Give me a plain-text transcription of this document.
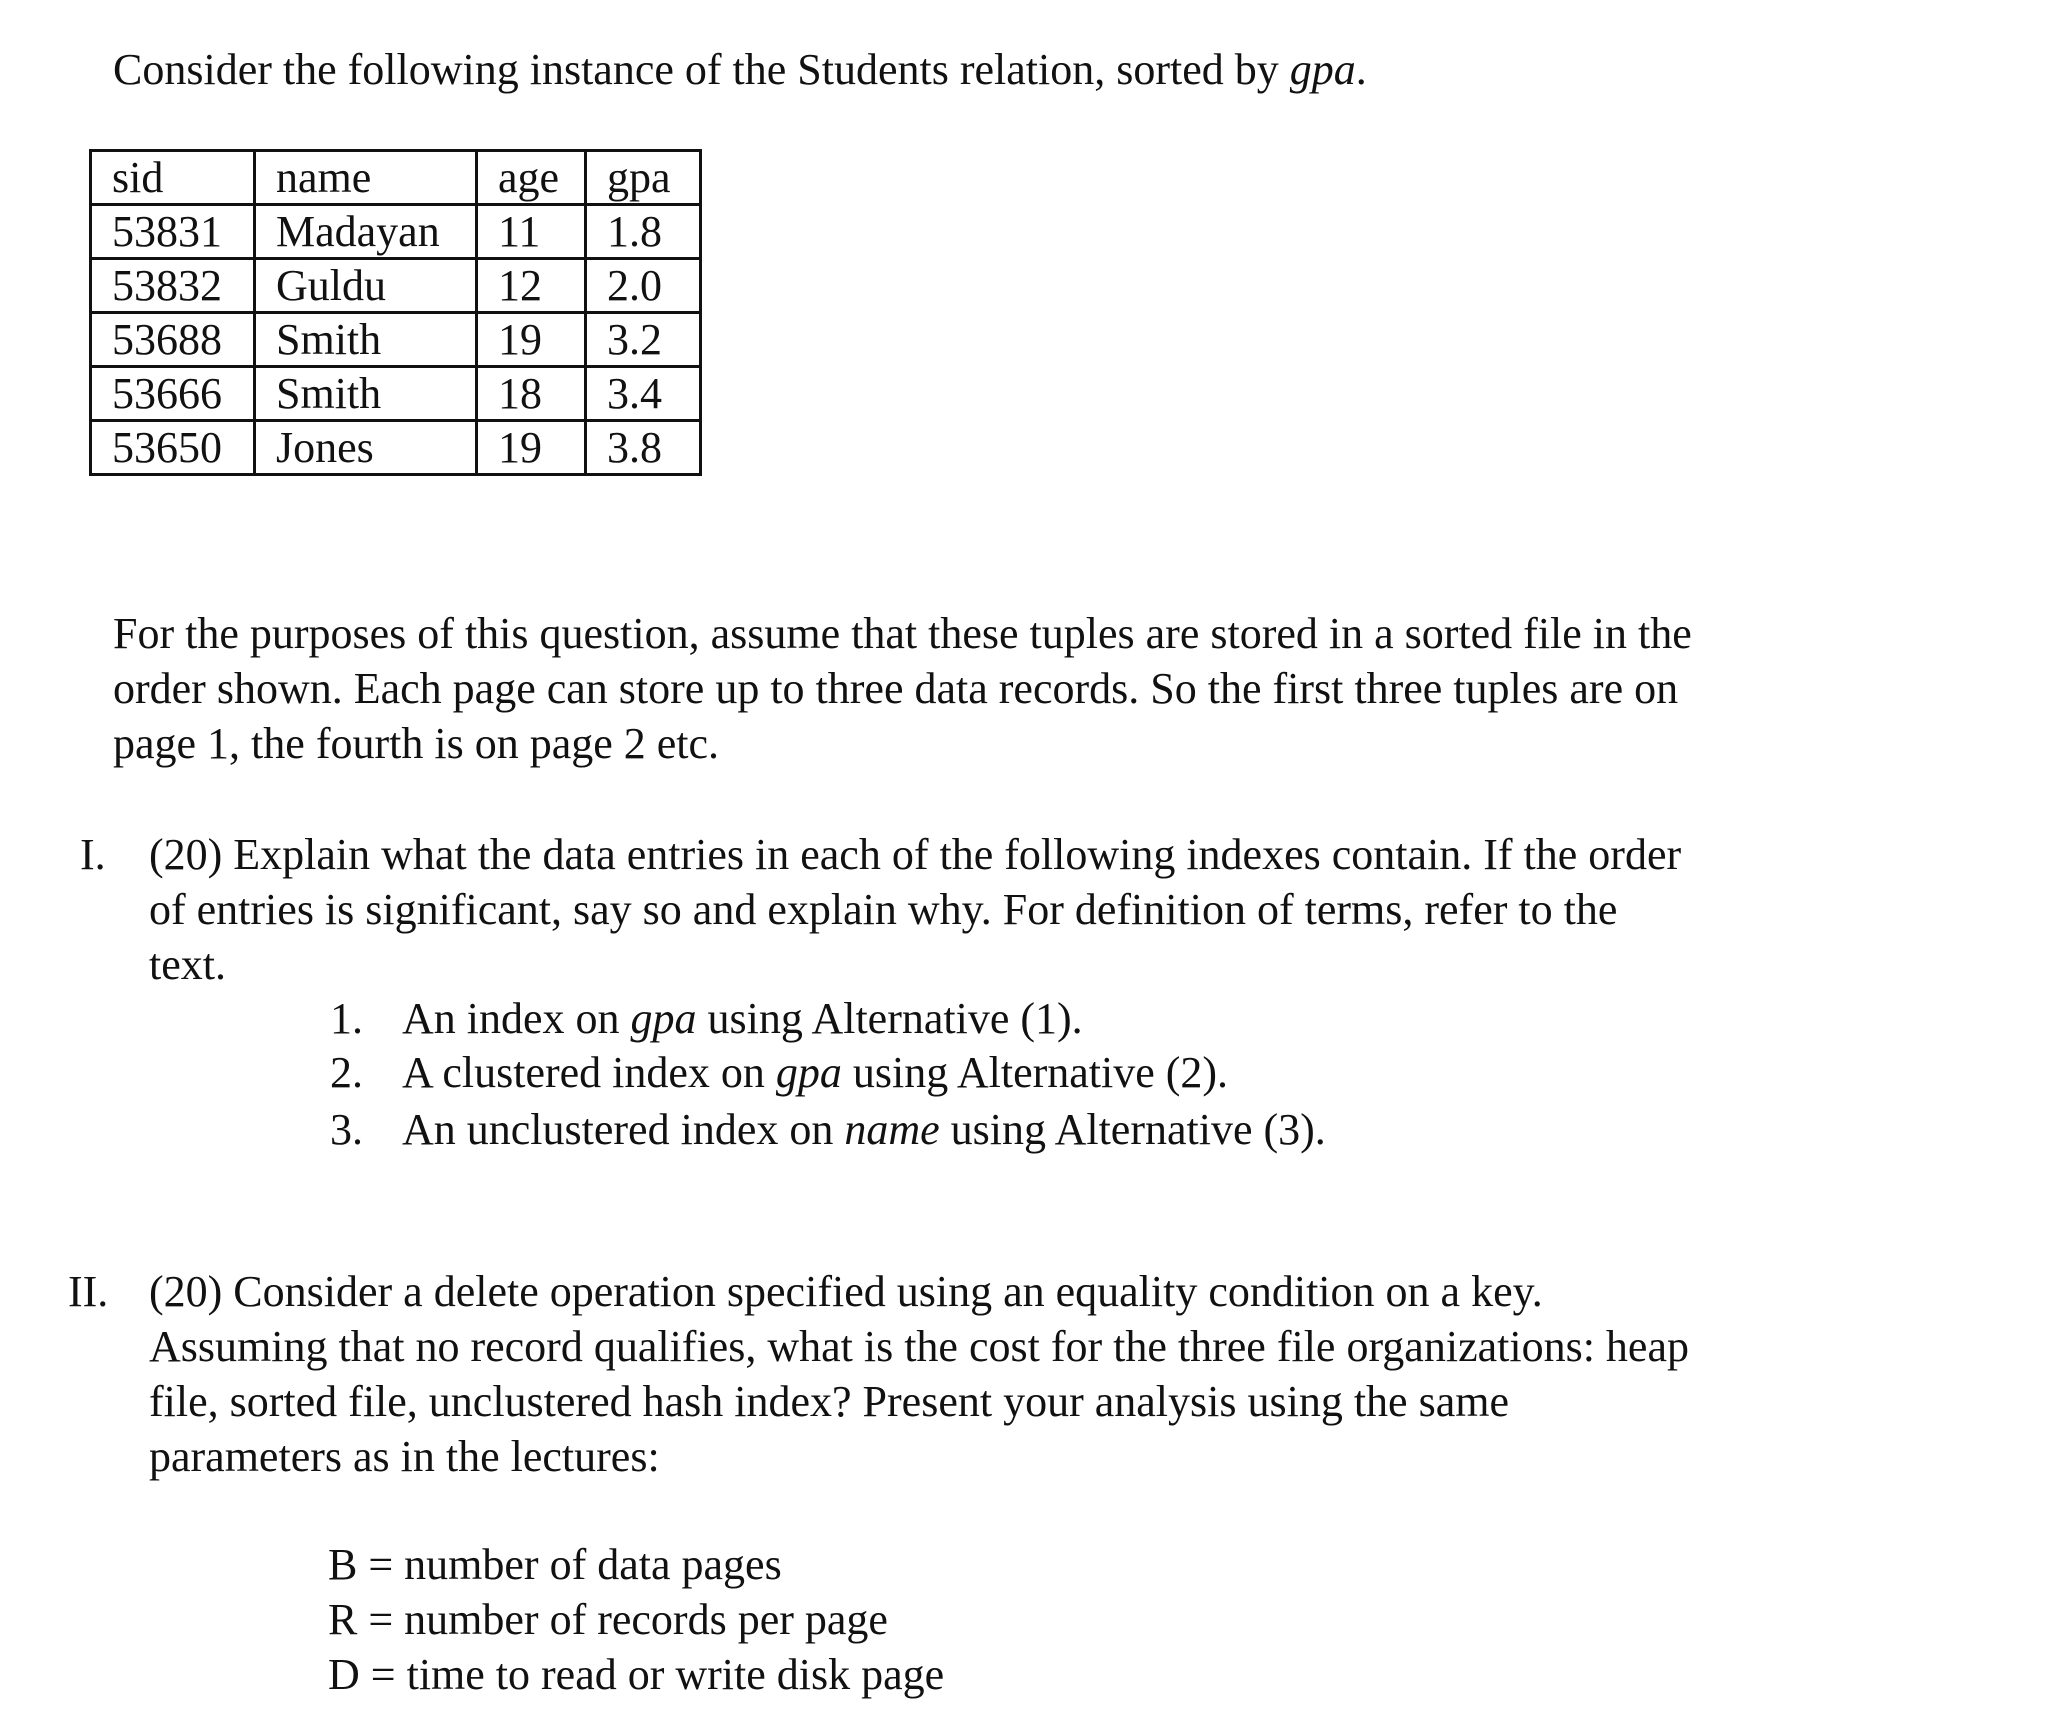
Consider the following instance of the Students relation, sorted by gpa.
sid	name	age	gpa
53831	Madayan	11	1.8
53832	Guldu	12	2.0
53688	Smith	19	3.2
53666	Smith	18	3.4
53650	Jones	19	3.8
For the purposes of this question, assume that these tuples are stored in a sorted file in the
order shown. Each page can store up to three data records. So the first three tuples are on
page 1, the fourth is on page 2 etc.
I. (20) Explain what the data entries in each of the following indexes contain. If the order
of entries is significant, say so and explain why. For definition of terms, refer to the
text.
1. An index on gpa using Alternative (1).
2. A clustered index on gpa using Alternative (2).
3. An unclustered index on name using Alternative (3).
II. (20) Consider a delete operation specified using an equality condition on a key.
Assuming that no record qualifies, what is the cost for the three file organizations: heap
file, sorted file, unclustered hash index? Present your analysis using the same
parameters as in the lectures:
B = number of data pages
R = number of records per page
D = time to read or write disk page
